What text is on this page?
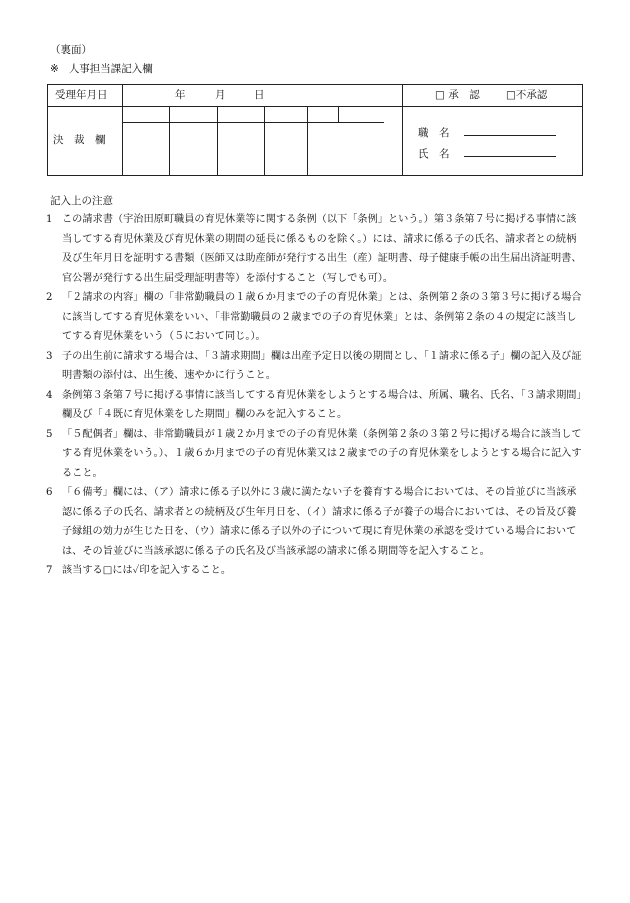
（裏面）
※ 人事担当課記入欄
受理年月日	年	月	日	□ 承　認 □不承認
決　裁　欄
職　名
氏　名
記入上の注意
1 この請求書（宇治田原町職員の育児休業等に関する条例（以下「条例」という。）第３条第７号に掲げる事情に該当してする育児休業及び育児休業の期間の延長に係るものを除く。）には、請求に係る子の氏名、請求者との続柄及び生年月日を証明する書類（医師又は助産師が発行する出生（産）証明書、母子健康手帳の出生届出済証明書、官公署が発行する出生届受理証明書等）を添付すること（写しでも可）。
2 「２請求の内容」欄の「非常勤職員の１歳６か月までの子の育児休業」とは、条例第２条の３第３号に掲げる場合に該当してする育児休業をいい、「非常勤職員の２歳までの子の育児休業」とは、条例第２条の４の規定に該当してする育児休業をいう（５において同じ。）。
3 子の出生前に請求する場合は、「３請求期間」欄は出産予定日以後の期間とし、「１請求に係る子」欄の記入及び証明書類の添付は、出生後、速やかに行うこと。
4 条例第３条第７号に掲げる事情に該当してする育児休業をしようとする場合は、所属、職名、氏名、「３請求期間」欄及び「４既に育児休業をした期間」欄のみを記入すること。
5 「５配偶者」欄は、非常勤職員が１歳２か月までの子の育児休業（条例第２条の３第２号に掲げる場合に該当してする育児休業をいう。）、１歳６か月までの子の育児休業又は２歳までの子の育児休業をしようとする場合に記入すること。
6 「６備考」欄には、（ア）請求に係る子以外に３歳に満たない子を養育する場合においては、その旨並びに当該承認に係る子の氏名、請求者との続柄及び生年月日を、（イ）請求に係る子が養子の場合においては、その旨及び養子縁組の効力が生じた日を、（ウ）請求に係る子以外の子について現に育児休業の承認を受けている場合においては、その旨並びに当該承認に係る子の氏名及び当該承認の請求に係る期間等を記入すること。
7 該当する□には✓印を記入すること。
